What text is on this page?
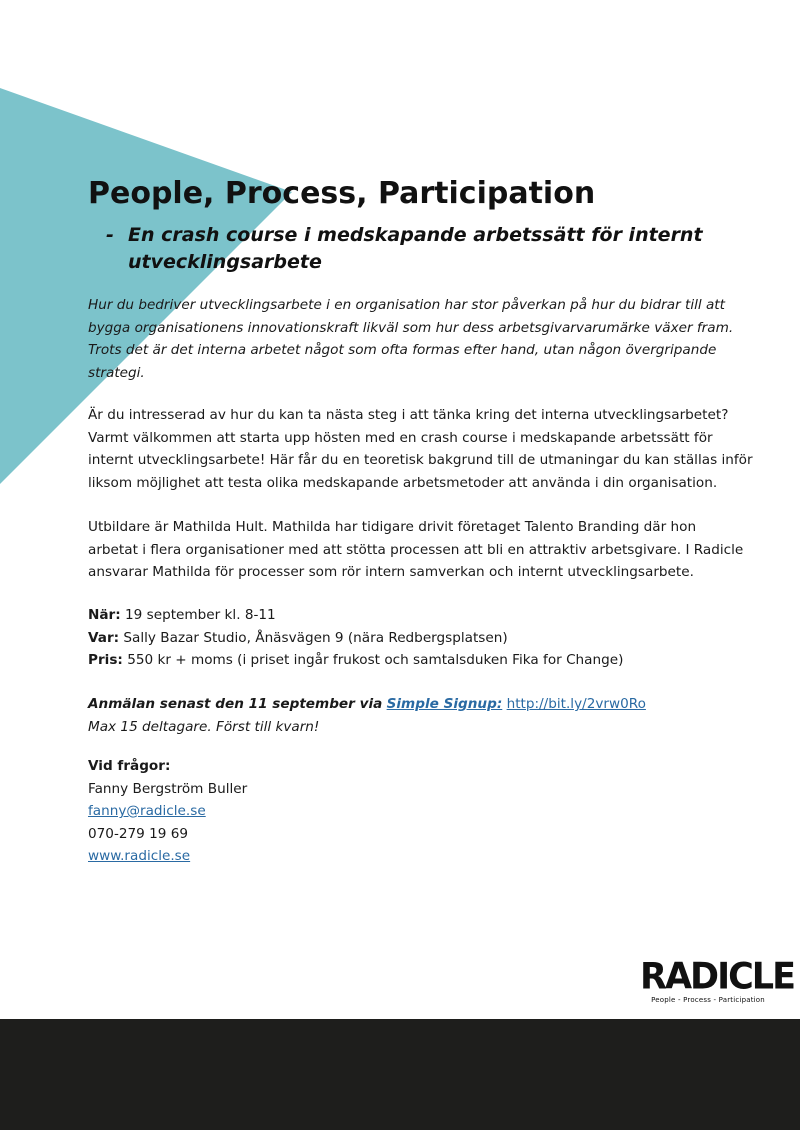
People, Process, Participation
- En crash course i medskapande arbetssätt för internt utvecklingsarbete

Hur du bedriver utvecklingsarbete i en organisation har stor påverkan på hur du bidrar till att
bygga organisationens innovationskraft likväl som hur dess arbetsgivarvarumärke växer fram.
Trots det är det interna arbetet något som ofta formas efter hand, utan någon övergripande
strategi.

Är du intresserad av hur du kan ta nästa steg i att tänka kring det interna utvecklingsarbetet?
Varmt välkommen att starta upp hösten med en crash course i medskapande arbetssätt för
internt utvecklingsarbete! Här får du en teoretisk bakgrund till de utmaningar du kan ställas inför
liksom möjlighet att testa olika medskapande arbetsmetoder att använda i din organisation.

Utbildare är Mathilda Hult. Mathilda har tidigare drivit företaget Talento Branding där hon
arbetat i flera organisationer med att stötta processen att bli en attraktiv arbetsgivare. I Radicle
ansvarar Mathilda för processer som rör intern samverkan och internt utvecklingsarbete.

När: 19 september kl. 8-11
Var: Sally Bazar Studio, Ånäsvägen 9 (nära Redbergsplatsen)
Pris: 550 kr + moms (i priset ingår frukost och samtalsduken Fika for Change)

Anmälan senast den 11 september via Simple Signup: http://bit.ly/2vrw0Ro
Max 15 deltagare. Först till kvarn!

Vid frågor:
Fanny Bergström Buller
fanny@radicle.se
070-279 19 69
www.radicle.se

RADICLE
People - Process - Participation
